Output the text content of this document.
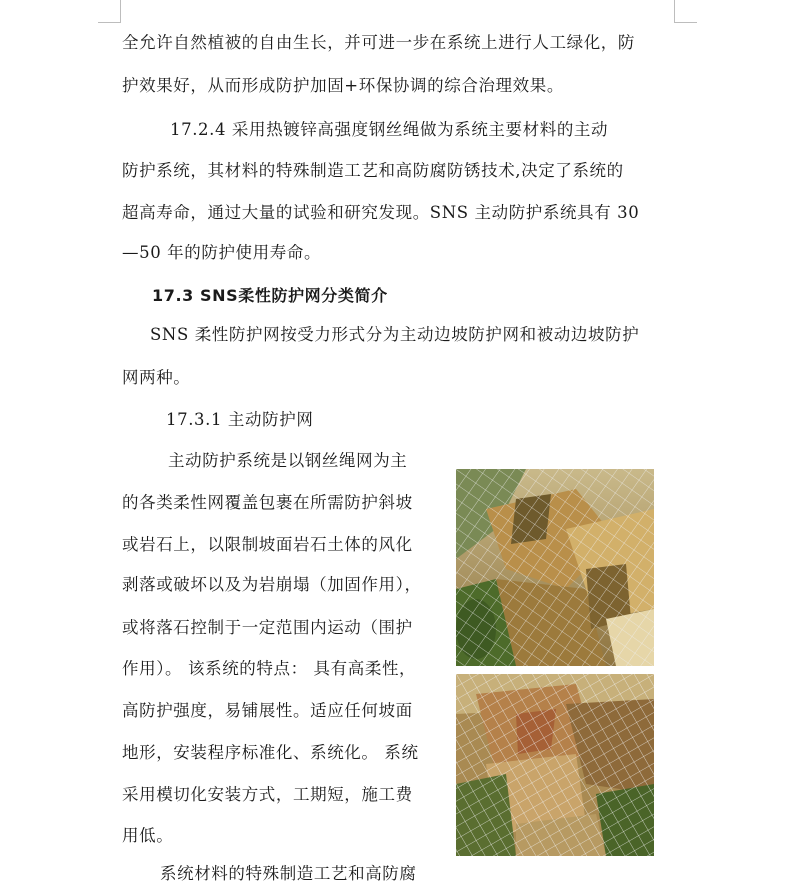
全允许自然植被的自由生长，并可进一步在系统上进行人工绿化，防
护效果好，从而形成防护加固+环保协调的综合治理效果。
17.2.4 采用热镀锌高强度钢丝绳做为系统主要材料的主动
防护系统，其材料的特殊制造工艺和高防腐防锈技术,决定了系统的
超高寿命，通过大量的试验和研究发现。SNS 主动防护系统具有 30
—50 年的防护使用寿命。
17.3 SNS柔性防护网分类简介
SNS 柔性防护网按受力形式分为主动边坡防护网和被动边坡防护
网两种。
17.3.1 主动防护网
主动防护系统是以钢丝绳网为主
的各类柔性网覆盖包裹在所需防护斜坡
或岩石上，以限制坡面岩石土体的风化
剥落或破坏以及为岩崩塌（加固作用），
或将落石控制于一定范围内运动（围护
作用）。 该系统的特点： 具有高柔性，
高防护强度，易铺展性。适应任何坡面
地形，安装程序标准化、系统化。 系统
采用模切化安装方式，工期短，施工费
用低。
系统材料的特殊制造工艺和高防腐
